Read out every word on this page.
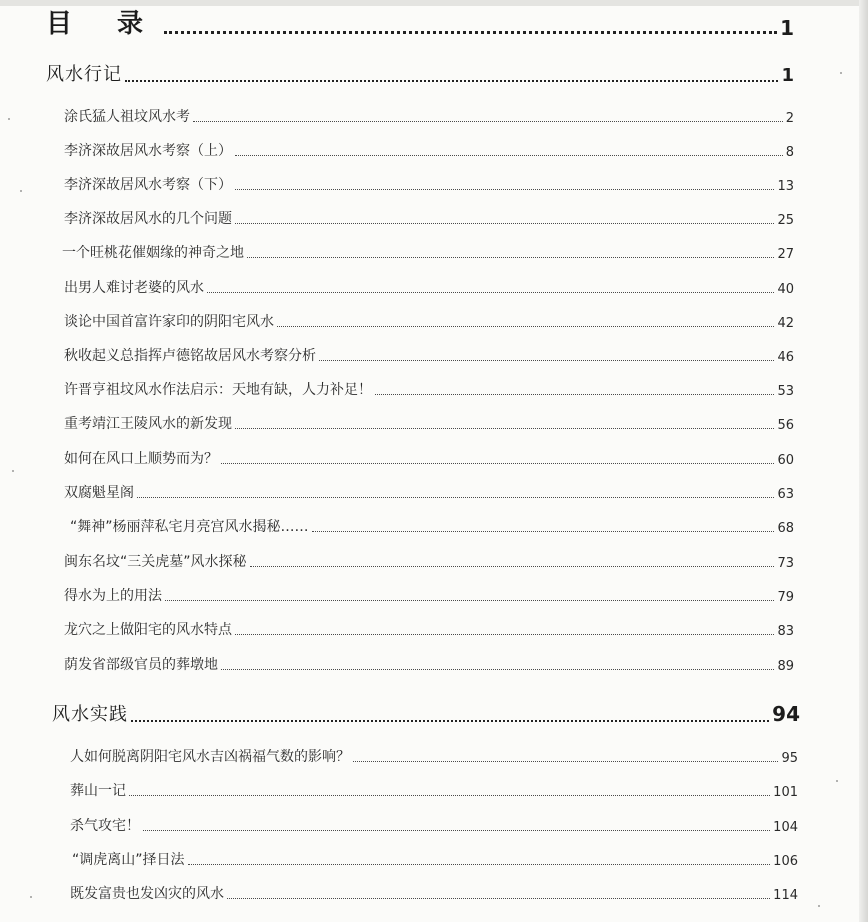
目 录	1
风水行记	1
涂氏猛人祖坟风水考	2
李济深故居风水考察（上）	8
李济深故居风水考察（下）	13
李济深故居风水的几个问题	25
一个旺桃花催姻缘的神奇之地	27
出男人难讨老婆的风水	40
谈论中国首富许家印的阴阳宅风水	42
秋收起义总指挥卢德铭故居风水考察分析	46
许晋亨祖坟风水作法启示：天地有缺，人力补足！	53
重考靖江王陵风水的新发现	56
如何在风口上顺势而为？	60
双腐魁星阁	63
“舞神”杨丽萍私宅月亮宫风水揭秘……	68
闽东名坟“三关虎墓”风水探秘	73
得水为上的用法	79
龙穴之上做阳宅的风水特点	83
荫发省部级官员的葬墩地	89
风水实践	94
人如何脱离阴阳宅风水吉凶祸福气数的影响？	95
葬山一记	101
杀气攻宅！	104
“调虎离山”择日法	106
既发富贵也发凶灾的风水	114
